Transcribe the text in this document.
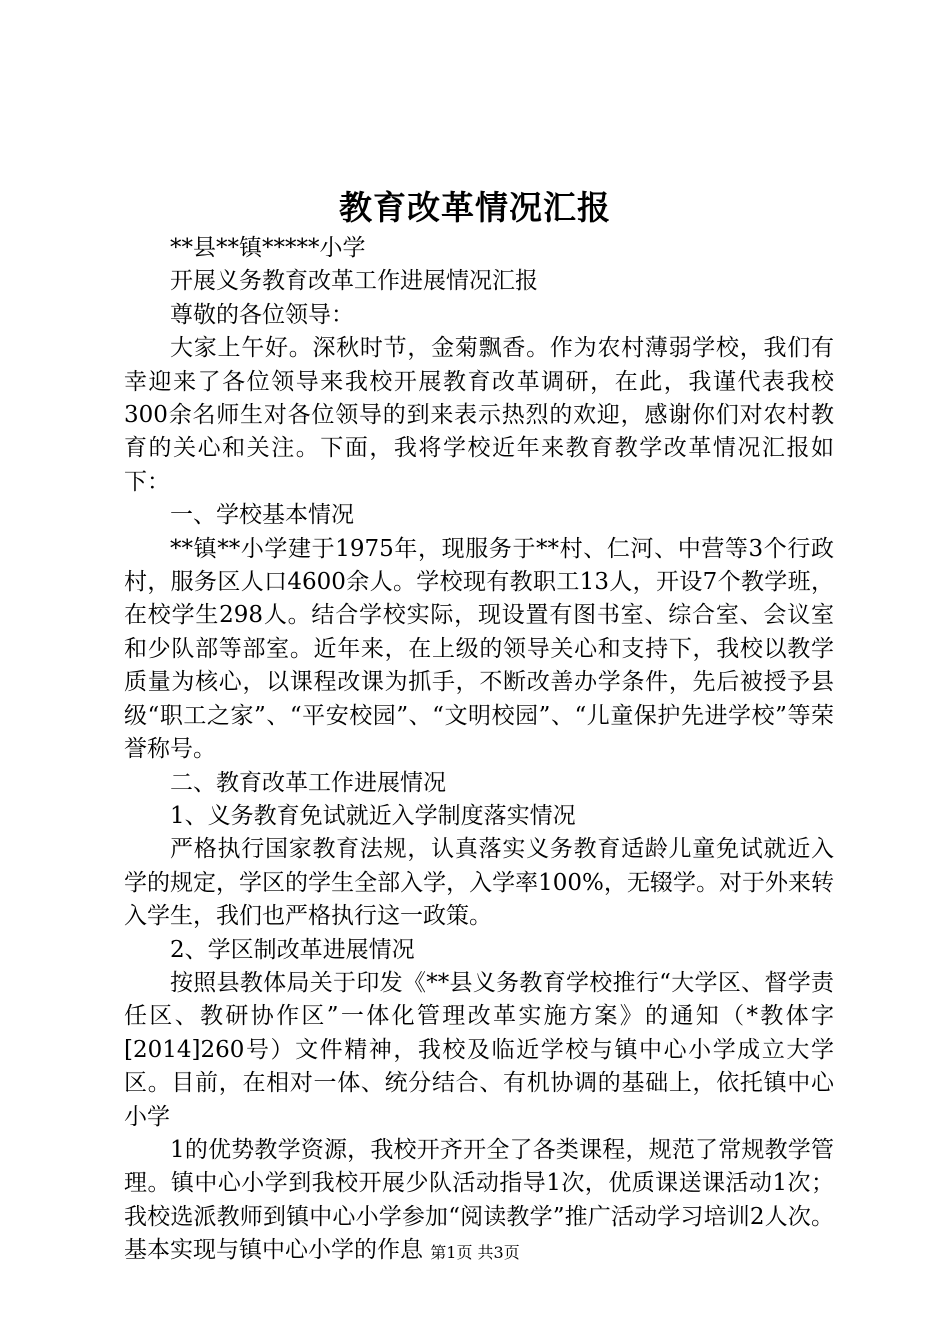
教育改革情况汇报

**县**镇*****小学

开展义务教育改革工作进展情况汇报

尊敬的各位领导：

大家上午好。深秋时节，金菊飘香。作为农村薄弱学校，我们有幸迎来了各位领导来我校开展教育改革调研，在此，我谨代表我校300余名师生对各位领导的到来表示热烈的欢迎，感谢你们对农村教育的关心和关注。下面，我将学校近年来教育教学改革情况汇报如下：

一、学校基本情况

**镇**小学建于1975年，现服务于**村、仁河、中营等3个行政村，服务区人口4600余人。学校现有教职工13人，开设7个教学班，在校学生298人。结合学校实际，现设置有图书室、综合室、会议室和少队部等部室。近年来，在上级的领导关心和支持下，我校以教学质量为核心，以课程改课为抓手，不断改善办学条件，先后被授予县级“职工之家”、“平安校园”、“文明校园”、“儿童保护先进学校”等荣誉称号。

二、教育改革工作进展情况

1、义务教育免试就近入学制度落实情况

严格执行国家教育法规，认真落实义务教育适龄儿童免试就近入学的规定，学区的学生全部入学，入学率100%，无辍学。对于外来转入学生，我们也严格执行这一政策。

2、学区制改革进展情况

按照县教体局关于印发《**县义务教育学校推行“大学区、督学责任区、教研协作区”一体化管理改革实施方案》的通知（*教体字[2014]260号）文件精神，我校及临近学校与镇中心小学成立大学区。目前，在相对一体、统分结合、有机协调的基础上，依托镇中心小学

1的优势教学资源，我校开齐开全了各类课程，规范了常规教学管理。镇中心小学到我校开展少队活动指导1次，优质课送课活动1次；我校选派教师到镇中心小学参加“阅读教学”推广活动学习培训2人次。基本实现与镇中心小学的作息 第1页 共3页
